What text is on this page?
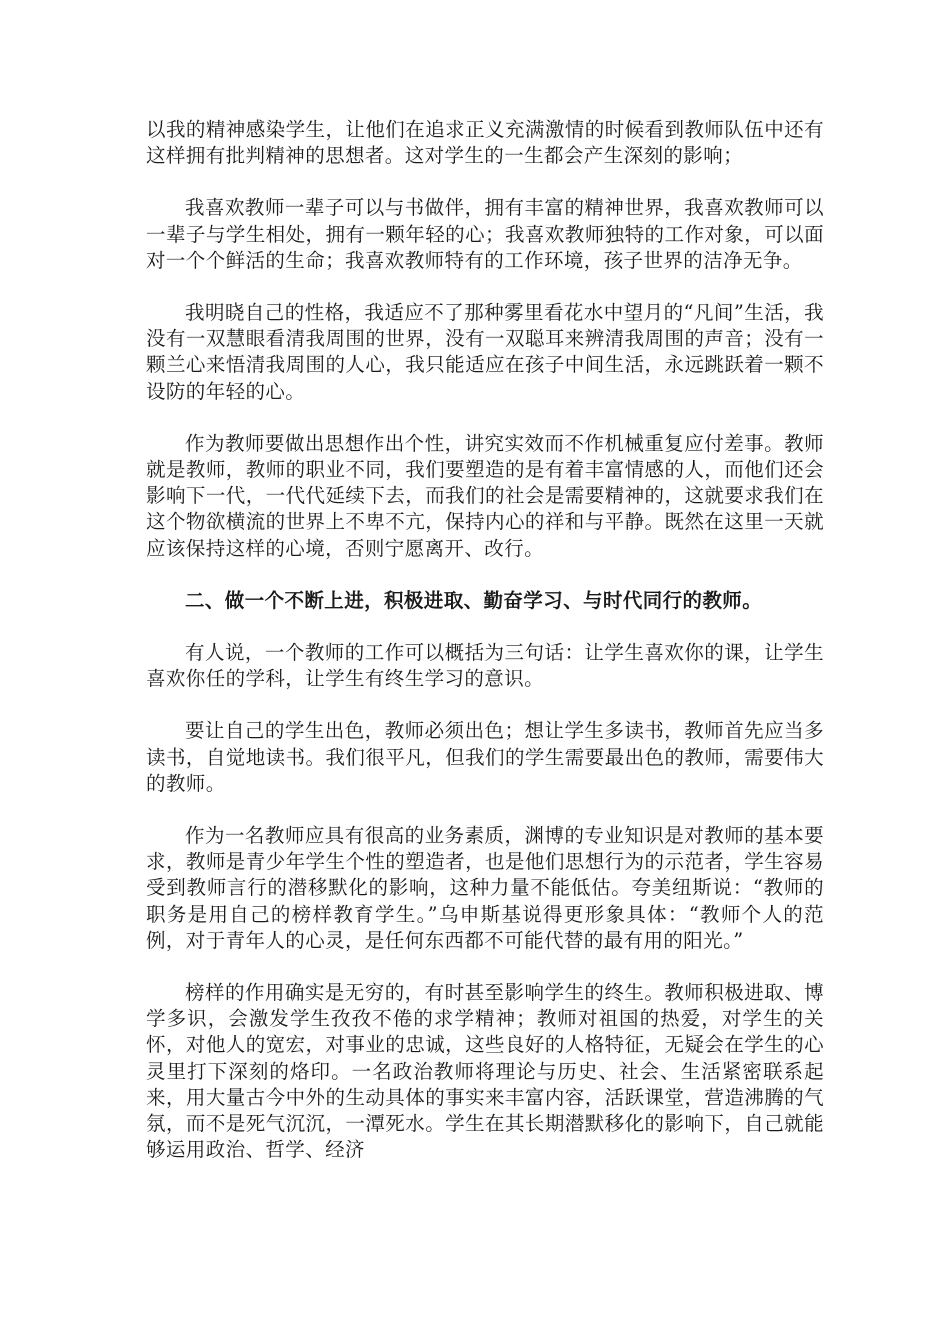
以我的精神感染学生，让他们在追求正义充满激情的时候看到教师队伍中还有这样拥有批判精神的思想者。这对学生的一生都会产生深刻的影响；

我喜欢教师一辈子可以与书做伴，拥有丰富的精神世界，我喜欢教师可以一辈子与学生相处，拥有一颗年轻的心；我喜欢教师独特的工作对象，可以面对一个个鲜活的生命；我喜欢教师特有的工作环境，孩子世界的洁净无争。

我明晓自己的性格，我适应不了那种雾里看花水中望月的“凡间”生活，我没有一双慧眼看清我周围的世界，没有一双聪耳来辨清我周围的声音；没有一颗兰心来悟清我周围的人心，我只能适应在孩子中间生活，永远跳跃着一颗不设防的年轻的心。

作为教师要做出思想作出个性，讲究实效而不作机械重复应付差事。教师就是教师，教师的职业不同，我们要塑造的是有着丰富情感的人，而他们还会影响下一代，一代代延续下去，而我们的社会是需要精神的，这就要求我们在这个物欲横流的世界上不卑不亢，保持内心的祥和与平静。既然在这里一天就应该保持这样的心境，否则宁愿离开、改行。

二、做一个不断上进，积极进取、勤奋学习、与时代同行的教师。

有人说，一个教师的工作可以概括为三句话：让学生喜欢你的课，让学生喜欢你任的学科，让学生有终生学习的意识。

要让自己的学生出色，教师必须出色；想让学生多读书，教师首先应当多读书，自觉地读书。我们很平凡，但我们的学生需要最出色的教师，需要伟大的教师。

作为一名教师应具有很高的业务素质，渊博的专业知识是对教师的基本要求，教师是青少年学生个性的塑造者，也是他们思想行为的示范者，学生容易受到教师言行的潜移默化的影响，这种力量不能低估。夸美纽斯说：“教师的职务是用自己的榜样教育学生。”乌申斯基说得更形象具体：“教师个人的范例，对于青年人的心灵，是任何东西都不可能代替的最有用的阳光。”

榜样的作用确实是无穷的，有时甚至影响学生的终生。教师积极进取、博学多识，会激发学生孜孜不倦的求学精神；教师对祖国的热爱，对学生的关怀，对他人的宽宏，对事业的忠诚，这些良好的人格特征，无疑会在学生的心灵里打下深刻的烙印。一名政治教师将理论与历史、社会、生活紧密联系起来，用大量古今中外的生动具体的事实来丰富内容，活跃课堂，营造沸腾的气氛，而不是死气沉沉，一潭死水。学生在其长期潜默移化的影响下，自己就能够运用政治、哲学、经济
